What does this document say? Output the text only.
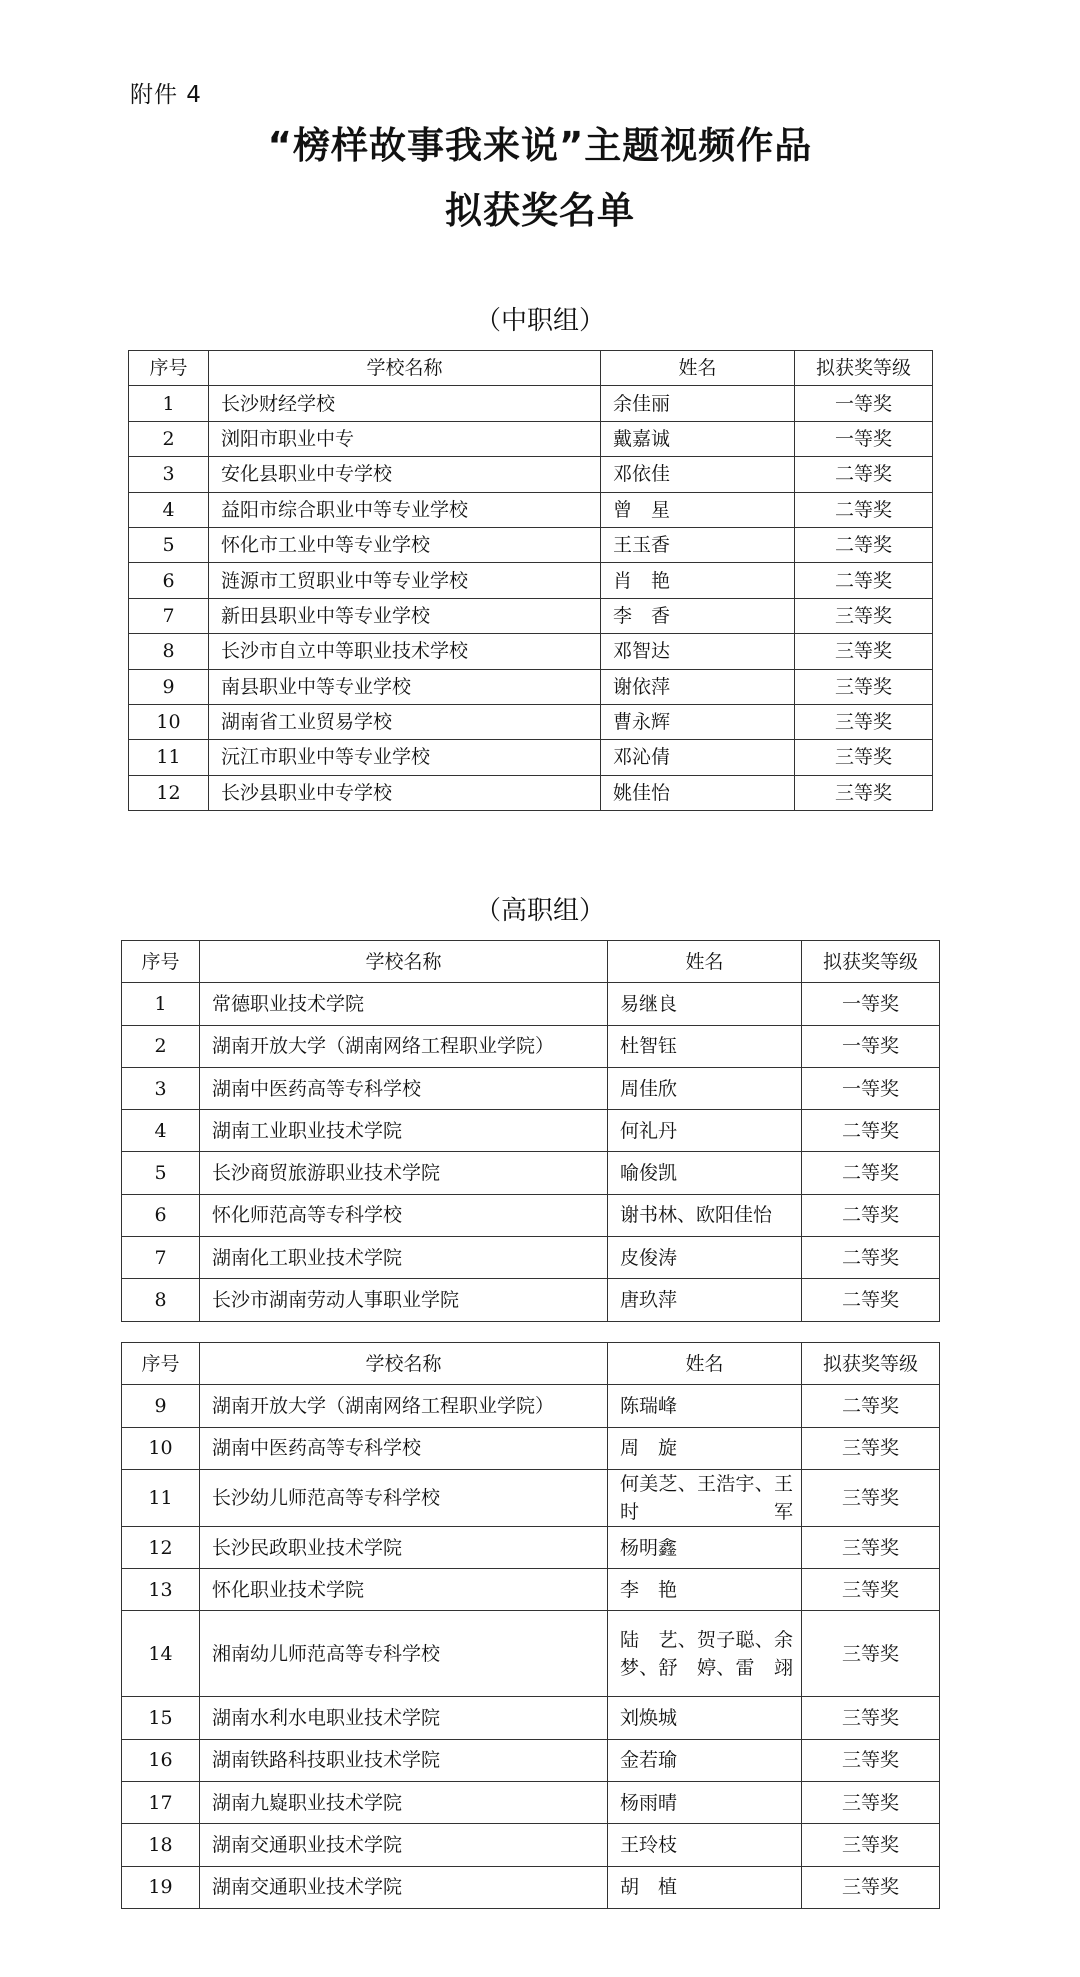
附件 4
“榜样故事我来说”主题视频作品
拟获奖名单
（中职组）
序号	学校名称	姓名	拟获奖等级
1	长沙财经学校	余佳丽	一等奖
2	浏阳市职业中专	戴嘉诚	一等奖
3	安化县职业中专学校	邓依佳	二等奖
4	益阳市综合职业中等专业学校	曾　星	二等奖
5	怀化市工业中等专业学校	王玉香	二等奖
6	涟源市工贸职业中等专业学校	肖　艳	二等奖
7	新田县职业中等专业学校	李　香	三等奖
8	长沙市自立中等职业技术学校	邓智达	三等奖
9	南县职业中等专业学校	谢依萍	三等奖
10	湖南省工业贸易学校	曹永辉	三等奖
11	沅江市职业中等专业学校	邓沁倩	三等奖
12	长沙县职业中专学校	姚佳怡	三等奖
（高职组）
序号	学校名称	姓名	拟获奖等级
1	常德职业技术学院	易继良	一等奖
2	湖南开放大学（湖南网络工程职业学院）	杜智钰	一等奖
3	湖南中医药高等专科学校	周佳欣	一等奖
4	湖南工业职业技术学院	何礼丹	二等奖
5	长沙商贸旅游职业技术学院	喻俊凯	二等奖
6	怀化师范高等专科学校	谢书林、欧阳佳怡	二等奖
7	湖南化工职业技术学院	皮俊涛	二等奖
8	长沙市湖南劳动人事职业学院	唐玖萍	二等奖
序号	学校名称	姓名	拟获奖等级
9	湖南开放大学（湖南网络工程职业学院）	陈瑞峰	二等奖
10	湖南中医药高等专科学校	周　旋	三等奖
11	长沙幼儿师范高等专科学校	何美芝、王浩宇、王时军	三等奖
12	长沙民政职业技术学院	杨明鑫	三等奖
13	怀化职业技术学院	李　艳	三等奖
14	湘南幼儿师范高等专科学校	陆　艺、贺子聪、余　梦、舒　婷、雷　翊	三等奖
15	湖南水利水电职业技术学院	刘焕城	三等奖
16	湖南铁路科技职业技术学院	金若瑜	三等奖
17	湖南九嶷职业技术学院	杨雨晴	三等奖
18	湖南交通职业技术学院	王玲枝	三等奖
19	湖南交通职业技术学院	胡　植	三等奖
